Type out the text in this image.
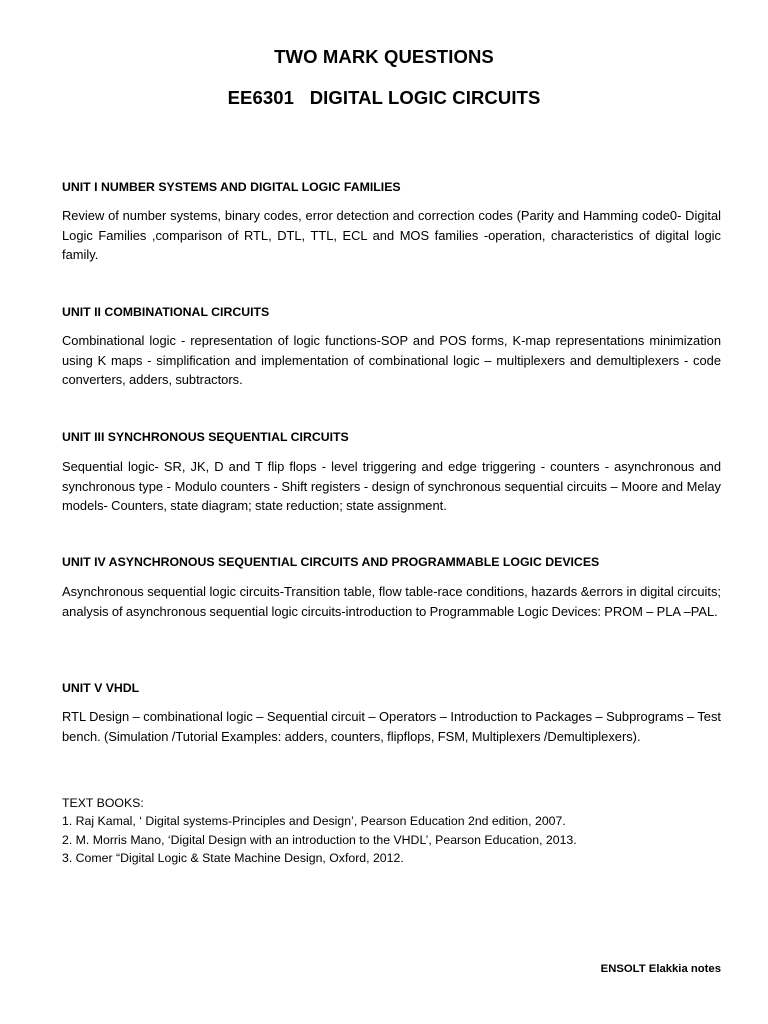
TWO MARK QUESTIONS
EE6301   DIGITAL LOGIC CIRCUITS
UNIT I NUMBER SYSTEMS AND DIGITAL LOGIC FAMILIES
Review of number systems, binary codes, error detection and correction codes (Parity and Hamming code0- Digital Logic Families ,comparison of RTL, DTL, TTL, ECL and MOS families -operation, characteristics of digital logic family.
UNIT II COMBINATIONAL CIRCUITS
Combinational logic - representation of logic functions-SOP and POS forms, K-map representations minimization using K maps - simplification and implementation of combinational logic – multiplexers and demultiplexers - code converters, adders, subtractors.
UNIT III SYNCHRONOUS SEQUENTIAL CIRCUITS
Sequential logic- SR, JK, D and T flip flops - level triggering and edge triggering - counters - asynchronous and synchronous type - Modulo counters - Shift registers - design of synchronous sequential circuits – Moore and Melay models- Counters, state diagram; state reduction; state assignment.
UNIT IV ASYNCHRONOUS SEQUENTIAL CIRCUITS AND PROGRAMMABLE LOGIC DEVICES
Asynchronous sequential logic circuits-Transition table, flow table-race conditions, hazards &errors in digital circuits; analysis of asynchronous sequential logic circuits-introduction to Programmable Logic Devices: PROM – PLA –PAL.
UNIT V VHDL
RTL Design – combinational logic – Sequential circuit – Operators – Introduction to Packages – Subprograms – Test bench. (Simulation /Tutorial Examples: adders, counters, flipflops, FSM, Multiplexers /Demultiplexers).
TEXT BOOKS:
1. Raj Kamal, ‘ Digital systems-Principles and Design’, Pearson Education 2nd edition, 2007.
2. M. Morris Mano, ‘Digital Design with an introduction to the VHDL’, Pearson Education, 2013.
3. Comer “Digital Logic & State Machine Design, Oxford, 2012.
ENSOLT Elakkia notes
